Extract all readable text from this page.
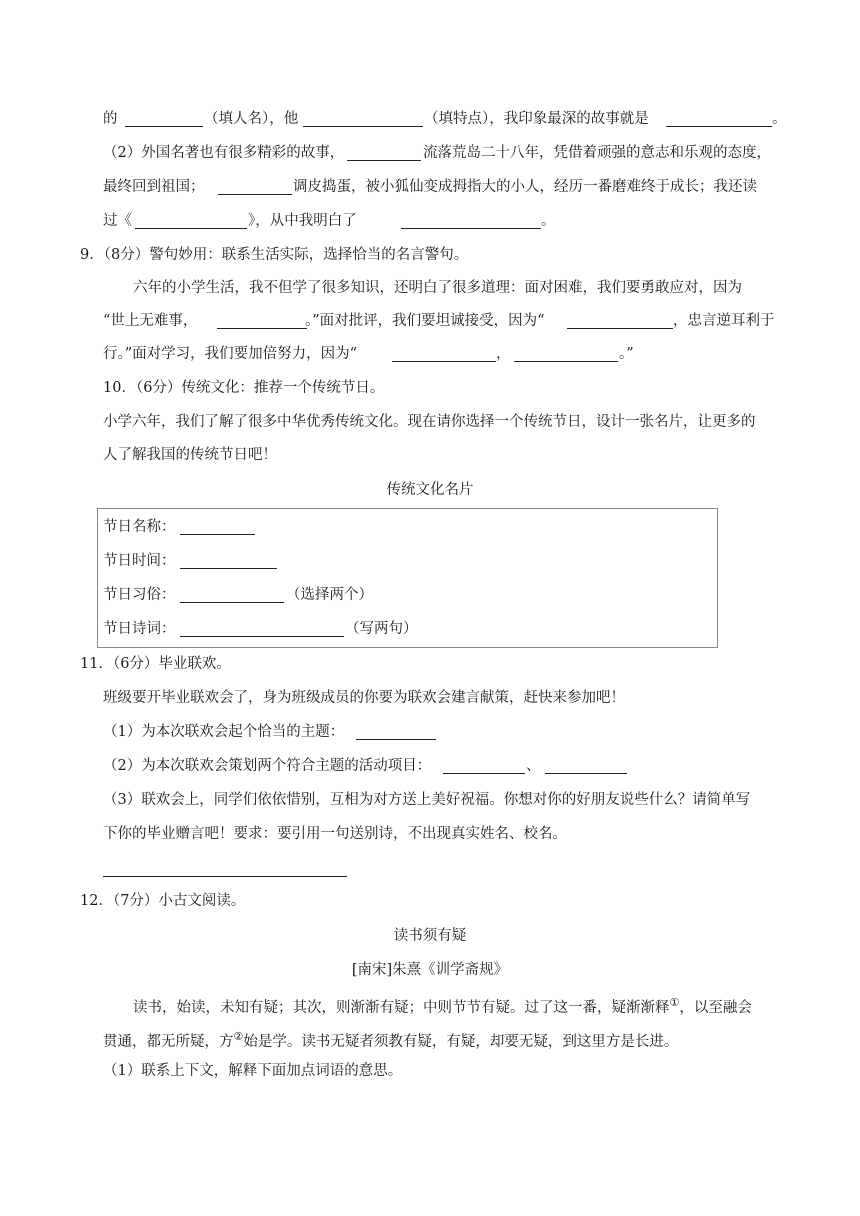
的	（填人名），他	（填特点），我印象最深的故事就是	。
（2）外国名著也有很多精彩的故事，	流落荒岛二十八年，凭借着顽强的意志和乐观的态度，
最终回到祖国；	调皮捣蛋，被小狐仙变成拇指大的小人，经历一番磨难终于成长；我还读
过《	》，从中我明白了	。
9．（8分）警句妙用：联系生活实际，选择恰当的名言警句。
六年的小学生活，我不但学了很多知识，还明白了很多道理：面对困难，我们要勇敢应对，因为
“世上无难事，	。”面对批评，我们要坦诚接受，因为“	，忠言逆耳利于
行。”面对学习，我们要加倍努力，因为“	，	。”
10．（6分）传统文化：推荐一个传统节日。
小学六年，我们了解了很多中华优秀传统文化。现在请你选择一个传统节日，设计一张名片，让更多的
人了解我国的传统节日吧！
传统文化名片
节日名称：
节日时间：
节日习俗：	（选择两个）
节日诗词：	（写两句）
11．（6分）毕业联欢。
班级要开毕业联欢会了，身为班级成员的你要为联欢会建言献策，赶快来参加吧！
（1）为本次联欢会起个恰当的主题：
（2）为本次联欢会策划两个符合主题的活动项目：	、
（3）联欢会上，同学们依依惜别，互相为对方送上美好祝福。你想对你的好朋友说些什么？请简单写
下你的毕业赠言吧！要求：要引用一句送别诗，不出现真实姓名、校名。
12．（7分）小古文阅读。
读书须有疑
[南宋]朱熹《训学斋规》
读书，始读，未知有疑；其次，则渐渐有疑；中则节节有疑。过了这一番，疑渐渐释①，以至融会
贯通，都无所疑，方②始是学。读书无疑者须教有疑，有疑，却要无疑，到这里方是长进。
（1）联系上下文，解释下面加点词语的意思。
